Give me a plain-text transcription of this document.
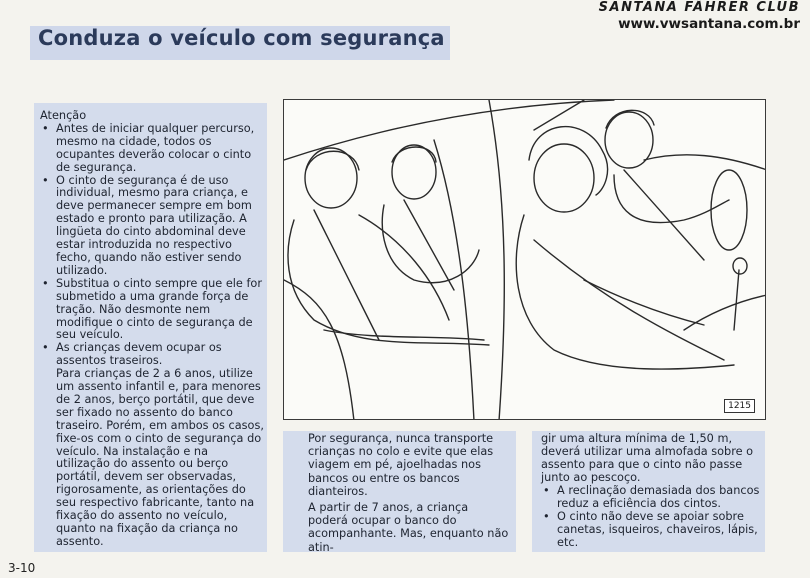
Conduza o veículo com segurança
SANTANA FÄHRER CLUB
www.vwsantana.com.br

Atenção

• Antes de iniciar qualquer percurso, mesmo na cidade, todos os ocupantes deverão colocar o cinto de segurança.

• O cinto de segurança é de uso individual, mesmo para criança, e deve permanecer sempre em bom estado e pronto para utilização. A lingüeta do cinto abdominal deve estar introduzida no respectivo fecho, quando não estiver sendo utilizado.

• Substitua o cinto sempre que ele for submetido a uma grande força de tração. Não desmonte nem modifique o cinto de segurança de seu veículo.

• As crianças devem ocupar os assentos traseiros.

Para crianças de 2 a 6 anos, utilize um assento infantil e, para menores de 2 anos, berço portátil, que deve ser fixado no assento do banco traseiro. Porém, em ambos os casos, fixe-os com o cinto de segurança do veículo. Na instalação e na utilização do assento ou berço portátil, devem ser observadas, rigorosamente, as orientações do seu respectivo fabricante, tanto na fixação do assento no veículo, quanto na fixação da criança no assento.

1215

Por segurança, nunca transporte crianças no colo e evite que elas viagem em pé, ajoelhadas nos bancos ou entre os bancos dianteiros.

A partir de 7 anos, a criança poderá ocupar o banco do acompanhante. Mas, enquanto não atin-

gir uma altura mínima de 1,50 m, deverá utilizar uma almofada sobre o assento para que o cinto não passe junto ao pescoço.

• A reclinação demasiada dos bancos reduz a eficiência dos cintos.

• O cinto não deve se apoiar sobre canetas, isqueiros, chaveiros, lápis, etc.

3-10
